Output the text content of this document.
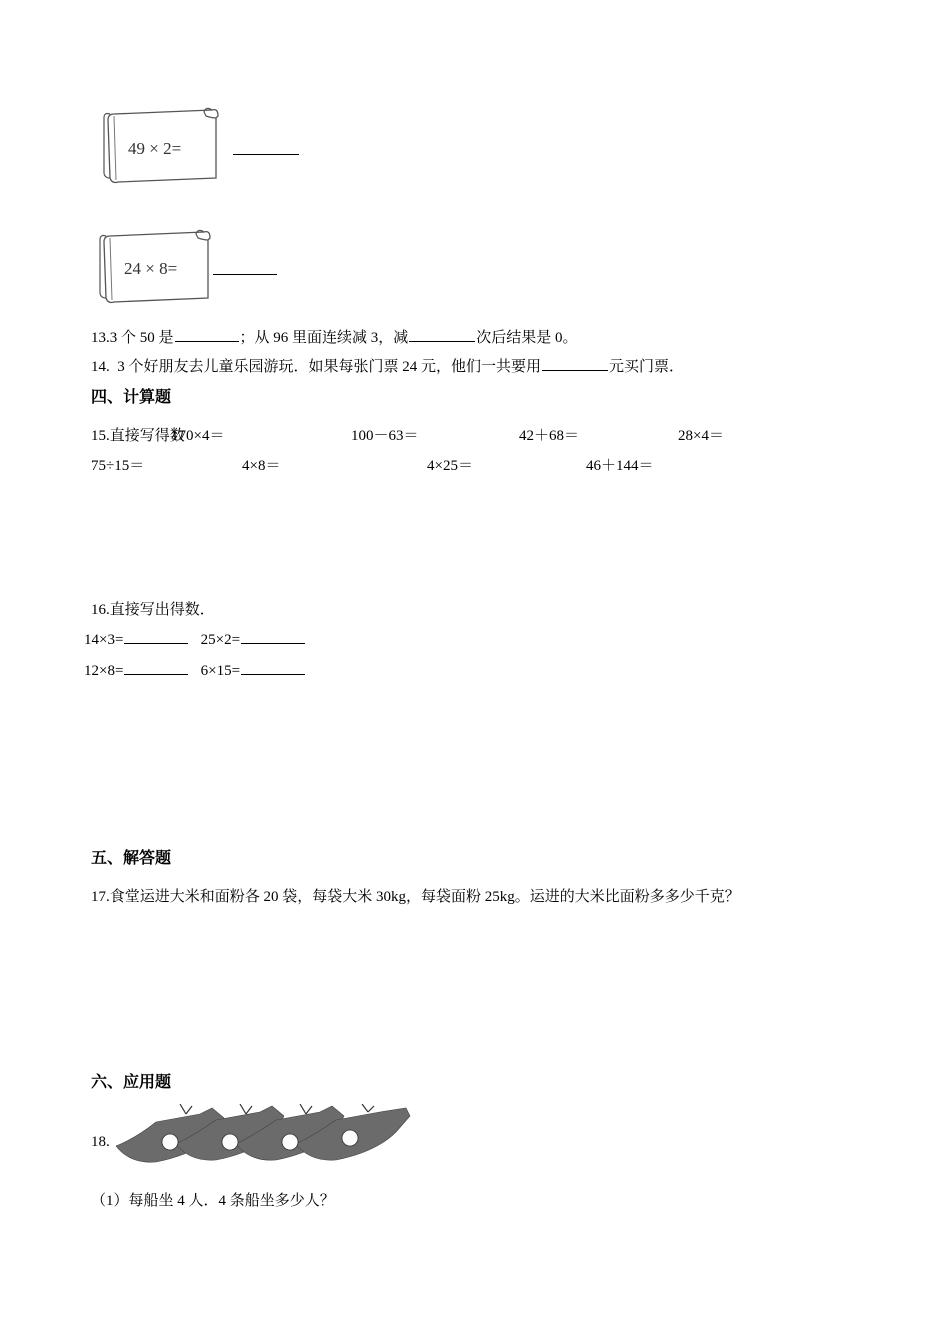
49 × 2=
24 × 8=
13.3 个 50 是	；从 96 里面连续减 3，减	次后结果是 0。
14. 3 个好朋友去儿童乐园游玩．如果每张门票 24 元，他们一共要用	元买门票．
四、计算题
15.直接写得数
170×4＝	100－63＝	42＋68＝	28×4＝
75÷15＝	4×8＝	4×25＝	46＋144＝
16.直接写出得数．
14×3=	25×2=
12×8=	6×15=
五、解答题
17.食堂运进大米和面粉各 20 袋，每袋大米 30kg，每袋面粉 25kg。运进的大米比面粉多多少千克？
六、应用题
18.
（1）每船坐 4 人．4 条船坐多少人？
